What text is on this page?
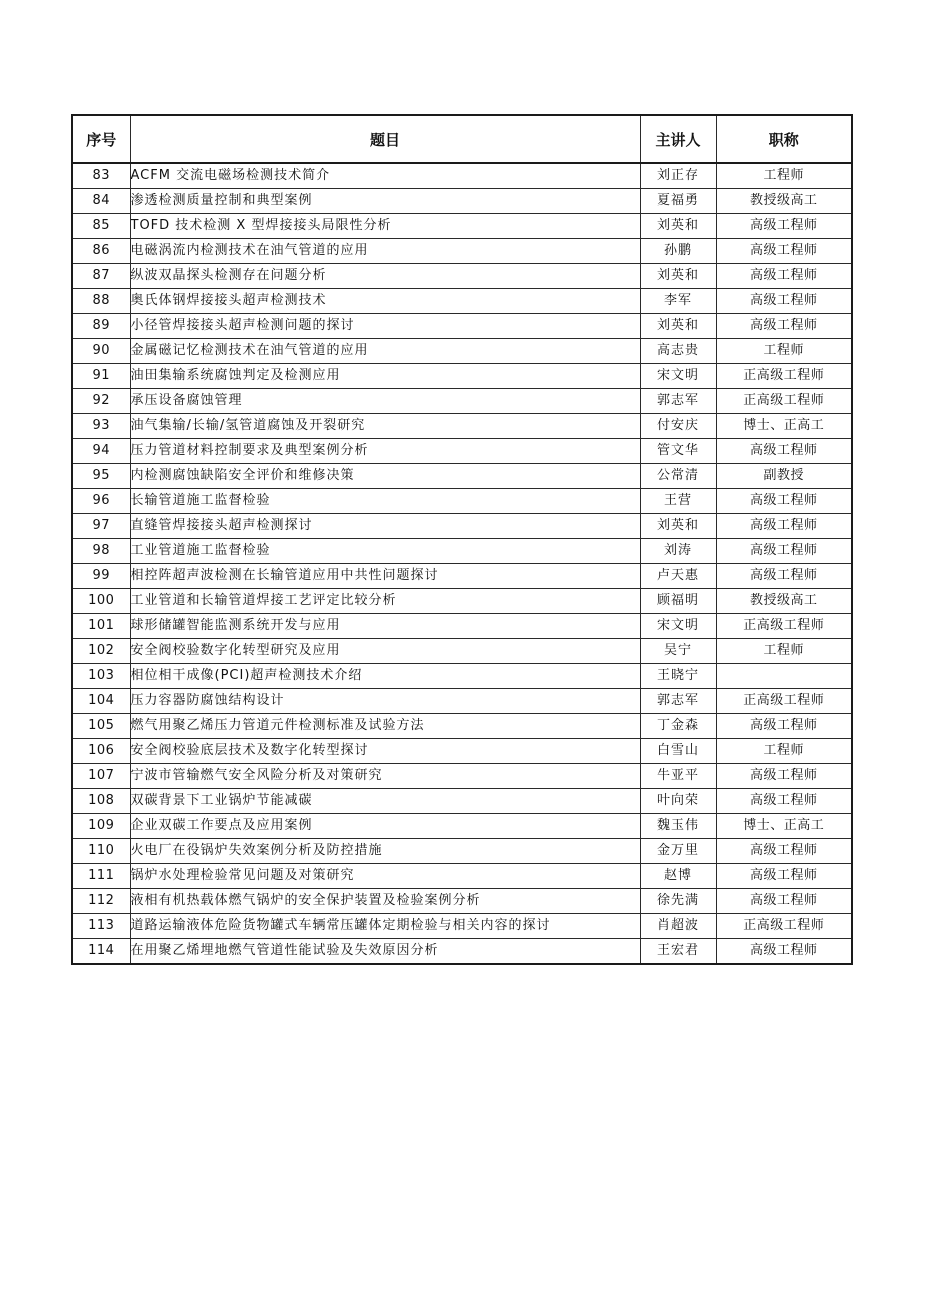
序号	题目	主讲人	职称
83	ACFM 交流电磁场检测技术简介	刘正存	工程师
84	渗透检测质量控制和典型案例	夏福勇	教授级高工
85	TOFD 技术检测 X 型焊接接头局限性分析	刘英和	高级工程师
86	电磁涡流内检测技术在油气管道的应用	孙鹏	高级工程师
87	纵波双晶探头检测存在问题分析	刘英和	高级工程师
88	奥氏体钢焊接接头超声检测技术	李军	高级工程师
89	小径管焊接接头超声检测问题的探讨	刘英和	高级工程师
90	金属磁记忆检测技术在油气管道的应用	高志贵	工程师
91	油田集输系统腐蚀判定及检测应用	宋文明	正高级工程师
92	承压设备腐蚀管理	郭志军	正高级工程师
93	油气集输/长输/氢管道腐蚀及开裂研究	付安庆	博士、正高工
94	压力管道材料控制要求及典型案例分析	管文华	高级工程师
95	内检测腐蚀缺陷安全评价和维修决策	公常清	副教授
96	长输管道施工监督检验	王营	高级工程师
97	直缝管焊接接头超声检测探讨	刘英和	高级工程师
98	工业管道施工监督检验	刘涛	高级工程师
99	相控阵超声波检测在长输管道应用中共性问题探讨	卢天惠	高级工程师
100	工业管道和长输管道焊接工艺评定比较分析	顾福明	教授级高工
101	球形储罐智能监测系统开发与应用	宋文明	正高级工程师
102	安全阀校验数字化转型研究及应用	吴宁	工程师
103	相位相干成像(PCI)超声检测技术介绍	王晓宁	
104	压力容器防腐蚀结构设计	郭志军	正高级工程师
105	燃气用聚乙烯压力管道元件检测标准及试验方法	丁金森	高级工程师
106	安全阀校验底层技术及数字化转型探讨	白雪山	工程师
107	宁波市管输燃气安全风险分析及对策研究	牛亚平	高级工程师
108	双碳背景下工业锅炉节能减碳	叶向荣	高级工程师
109	企业双碳工作要点及应用案例	魏玉伟	博士、正高工
110	火电厂在役锅炉失效案例分析及防控措施	金万里	高级工程师
111	锅炉水处理检验常见问题及对策研究	赵博	高级工程师
112	液相有机热载体燃气锅炉的安全保护装置及检验案例分析	徐先满	高级工程师
113	道路运输液体危险货物罐式车辆常压罐体定期检验与相关内容的探讨	肖超波	正高级工程师
114	在用聚乙烯埋地燃气管道性能试验及失效原因分析	王宏君	高级工程师
